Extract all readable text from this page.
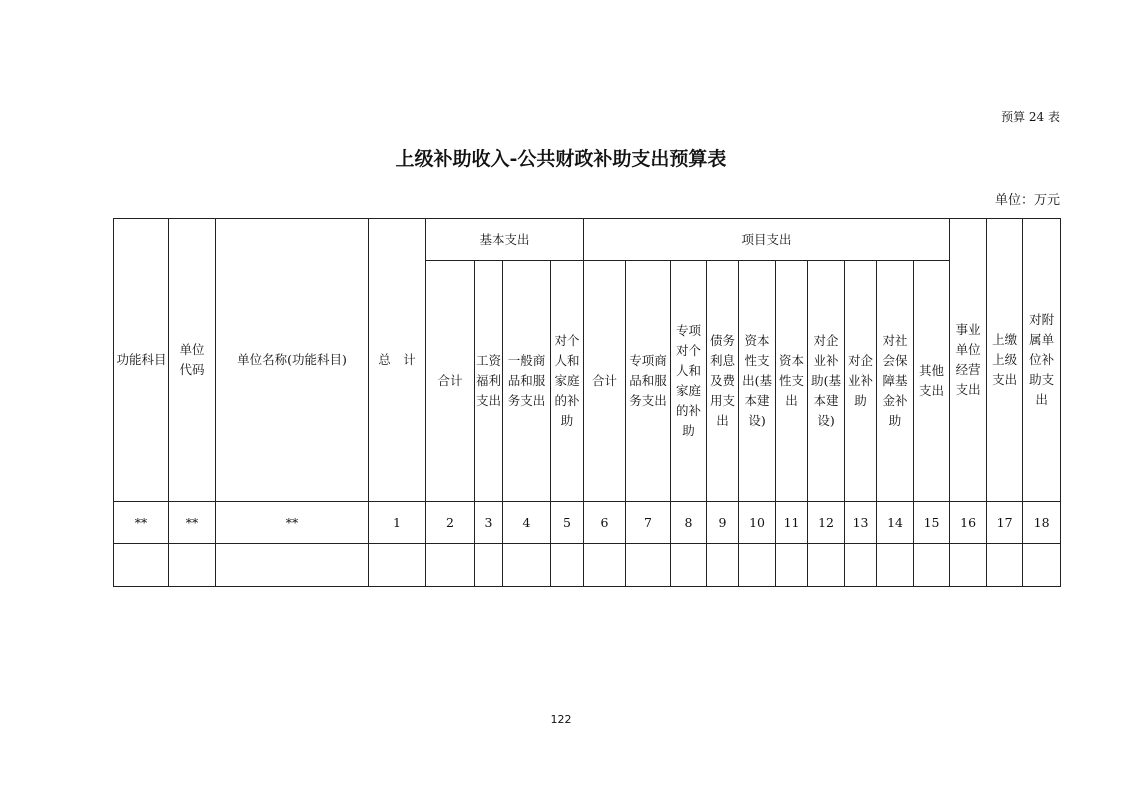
预算 24 表
上级补助收入-公共财政补助支出预算表
单位：万元
功能科目	单位代码	单位名称(功能科目)	总　计	基本支出				项目支出										事业单位经营支出	上缴上级支出	对附属单位补助支出
				合计	工资福利支出	一般商品和服务支出	对个人和家庭的补助	合计	专项商品和服务支出	专项对个人和家庭的补助	债务利息及费用支出	资本性支出(基本建设)	资本性支出	对企业补助(基本建设)	对企业补助	对社会保障基金补助	其他支出			
**	**	**	1	2	3	4	5	6	7	8	9	10	11	12	13	14	15	16	17	18

122
